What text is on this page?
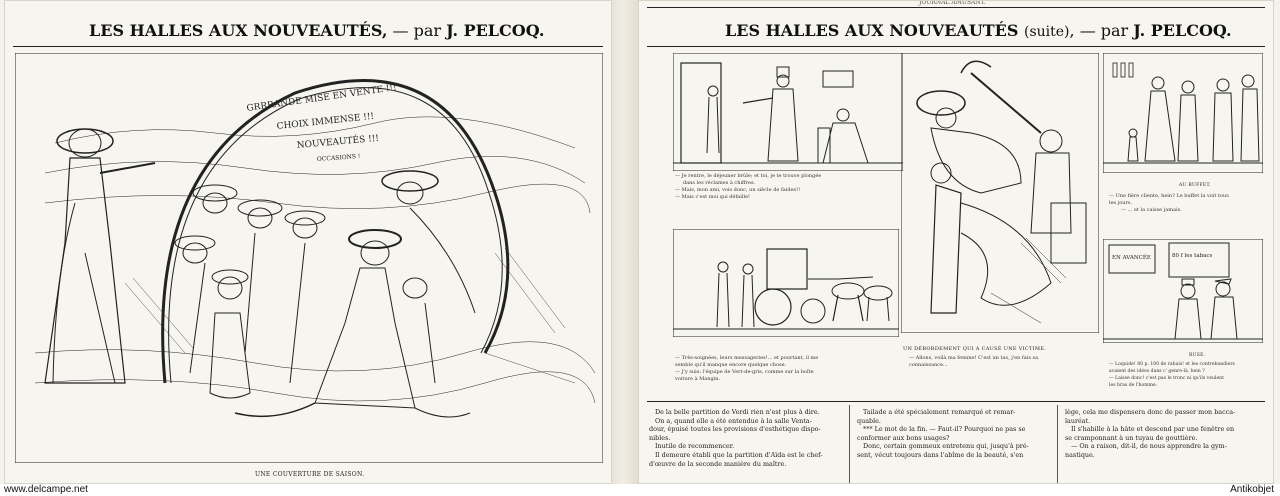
LES HALLES AUX NOUVEAUTÉS, — par J. PELCOQ.
GRRRANDE MISE EN VENTE !!!
CHOIX IMMENSE !!!
NOUVEAUTÉS !!!
OCCASIONS !
UNE COUVERTURE DE SAISON.
JOURNAL AMUSANT.
LES HALLES AUX NOUVEAUTÉS (suite), — par J. PELCOQ.
— Je rentre, le déjeuner brûle; et toi, je te trouve plongée
dans les réclames à chiffres.
— Mais, mon ami, vois donc, un siècle de faides!!
— Mais c'est moi qui défaille!
UN DÉBORDEMENT QUI A CAUSÉ UNE VICTIME.
— Allons, voilà ma femme! C'est un tas, j'en fais sa
connaissance...
AU BUFFET.
— Une fière cliente, hein? Le buffet la voit tous
les jours.
— ... et la caisse jamais.
— Très-soignées, leurs messageries!... et pourtant, il me
semble qu'il manque encore quelque chose.
— J'y suis: l'équipe de Vert-de-gris, comme sur la boîte
voiture à Mangin.
EN AVANCÉE	80 f les tabacs
RUSE.
— Loquide! 80 p. 100 de rabais! et les contrebandiers
avaient des idées dans c' genre-là, hein ?
— Laisse donc! c'est pas le tronc ni qu'ils veulent
les bras de l'homme.

De la belle partition de Verdi rien n'est plus à dire.

On a, quand elle a été entendue à la salle Venta-

dour, épuisé toutes les provisions d'esthétique dispo-

nibles.

Inutile de recommencer.

Il demeure établi que la partition d'Aïda est le chef-

d'œuvre de la seconde manière du maître.

Tailade a été spécialement remarqué et remar-

quable.

*** Le mot de la fin. — Faut-il? Pourquoi ne pas se

conformer aux bons usages?

Donc, certain gommeux entretenu qui, jusqu'à pré-

sent, vécut toujours dans l'abîme de la beauté, s'en

lège, cela me dispensera donc de passer mon bacca-

lauréat.

Il s'habille à la hâte et descend par une fenêtre en

se cramponnant à un tuyau de gouttière.

— On a raison, dit-il, de nous apprendre la gym-

nastique.

www.delcampe.net	Antikobjet
